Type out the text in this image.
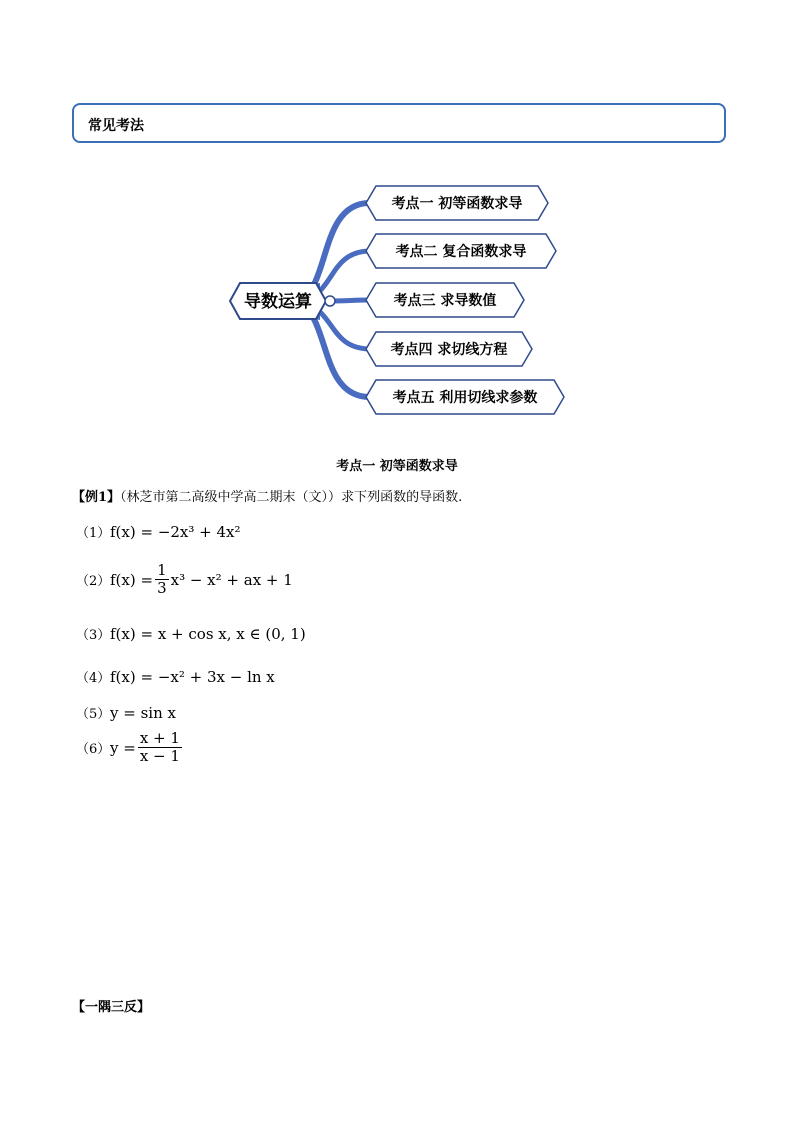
常见考法
导数运算
考点一 初等函数求导
考点二 复合函数求导
考点三 求导数值
考点四 求切线方程
考点五 利用切线求参数
考点一 初等函数求导
【例1】（林芝市第二高级中学高二期末（文））求下列函数的导函数.
（1） f(x) = −2x³ + 4x²
（2） $f(x) = \frac{1}{3} x^3 - x^2$ + ax + 1
（3） f(x) = x + cos x, x ∈ (0, 1)
（4） f(x) = −x² + 3x − ln x
（5） y = sin x
（6） $y = \frac{x + 1}{x - 1}$
【一隅三反】
